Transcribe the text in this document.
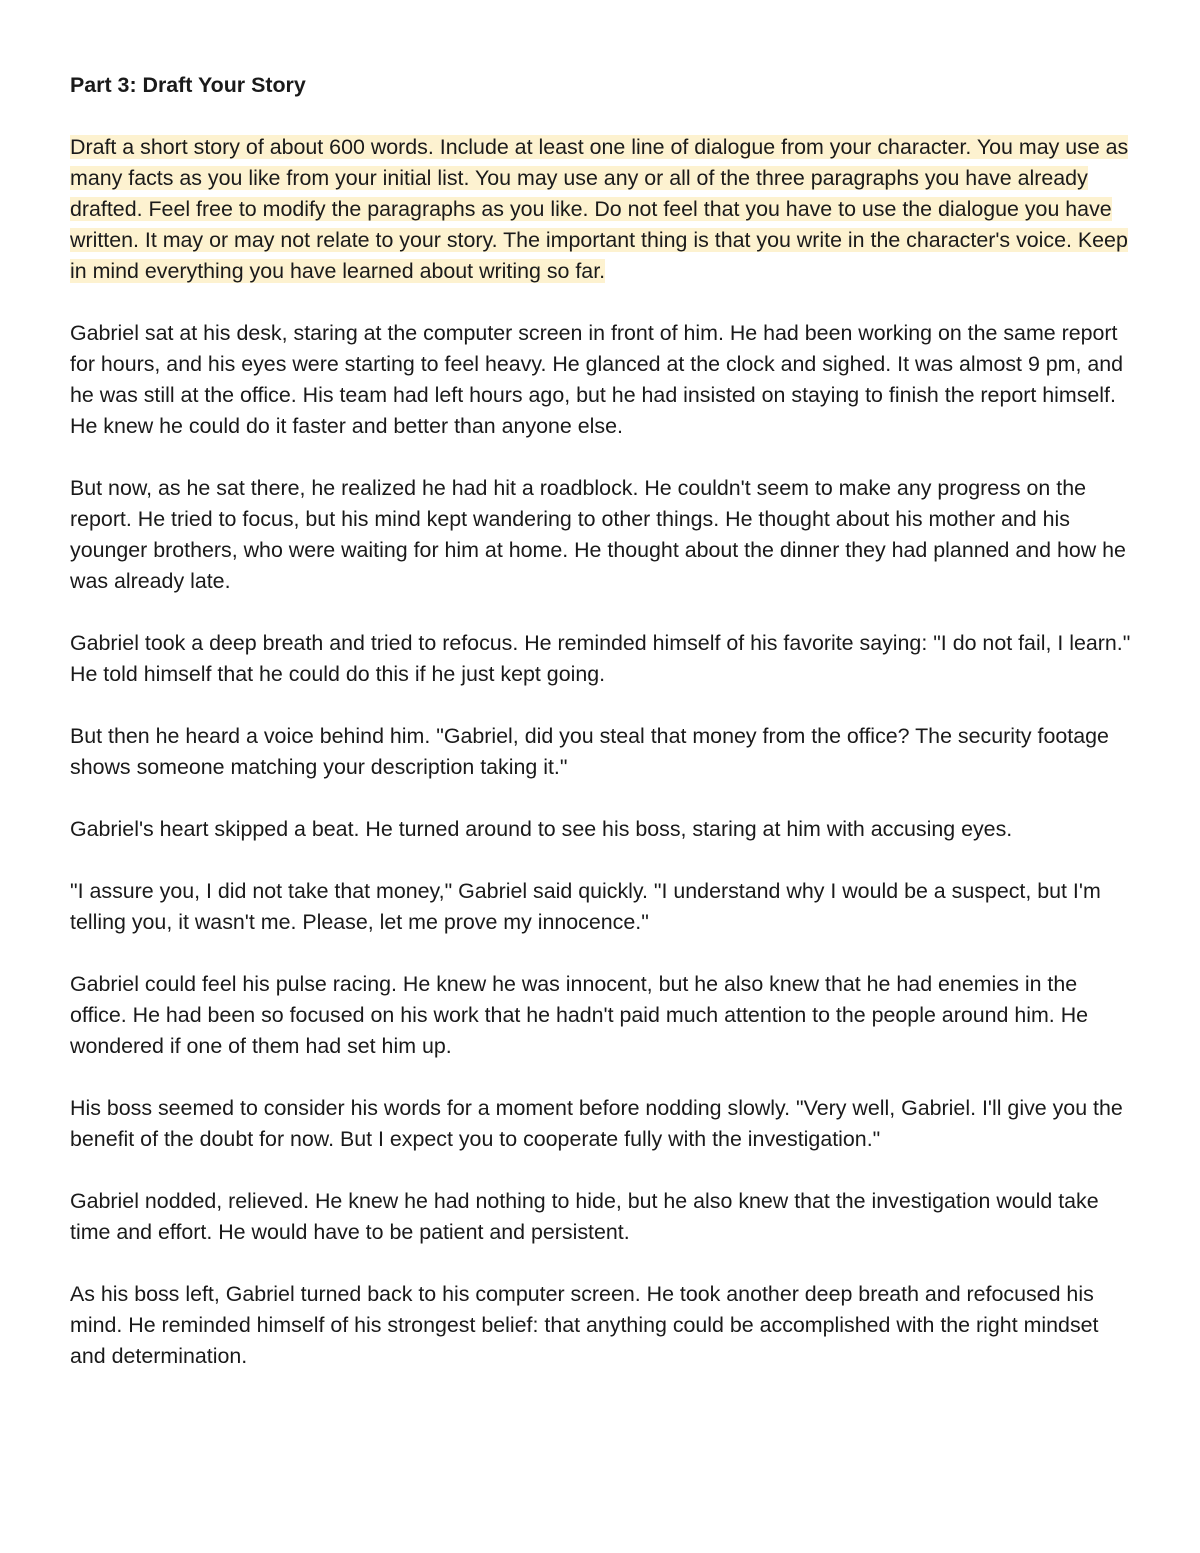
Part 3: Draft Your Story

Draft a short story of about 600 words. Include at least one line of dialogue from your character. You may use as many facts as you like from your initial list. You may use any or all of the three paragraphs you have already drafted. Feel free to modify the paragraphs as you like. Do not feel that you have to use the dialogue you have written. It may or may not relate to your story. The important thing is that you write in the character's voice. Keep in mind everything you have learned about writing so far.

Gabriel sat at his desk, staring at the computer screen in front of him. He had been working on the same report for hours, and his eyes were starting to feel heavy. He glanced at the clock and sighed. It was almost 9 pm, and he was still at the office. His team had left hours ago, but he had insisted on staying to finish the report himself. He knew he could do it faster and better than anyone else.

But now, as he sat there, he realized he had hit a roadblock. He couldn't seem to make any progress on the report. He tried to focus, but his mind kept wandering to other things. He thought about his mother and his younger brothers, who were waiting for him at home. He thought about the dinner they had planned and how he was already late.

Gabriel took a deep breath and tried to refocus. He reminded himself of his favorite saying: "I do not fail, I learn." He told himself that he could do this if he just kept going.

But then he heard a voice behind him. "Gabriel, did you steal that money from the office? The security footage shows someone matching your description taking it."

Gabriel's heart skipped a beat. He turned around to see his boss, staring at him with accusing eyes.

"I assure you, I did not take that money," Gabriel said quickly. "I understand why I would be a suspect, but I'm telling you, it wasn't me. Please, let me prove my innocence."

Gabriel could feel his pulse racing. He knew he was innocent, but he also knew that he had enemies in the office. He had been so focused on his work that he hadn't paid much attention to the people around him. He wondered if one of them had set him up.

His boss seemed to consider his words for a moment before nodding slowly. "Very well, Gabriel. I'll give you the benefit of the doubt for now. But I expect you to cooperate fully with the investigation."

Gabriel nodded, relieved. He knew he had nothing to hide, but he also knew that the investigation would take time and effort. He would have to be patient and persistent.

As his boss left, Gabriel turned back to his computer screen. He took another deep breath and refocused his mind. He reminded himself of his strongest belief: that anything could be accomplished with the right mindset and determination.
